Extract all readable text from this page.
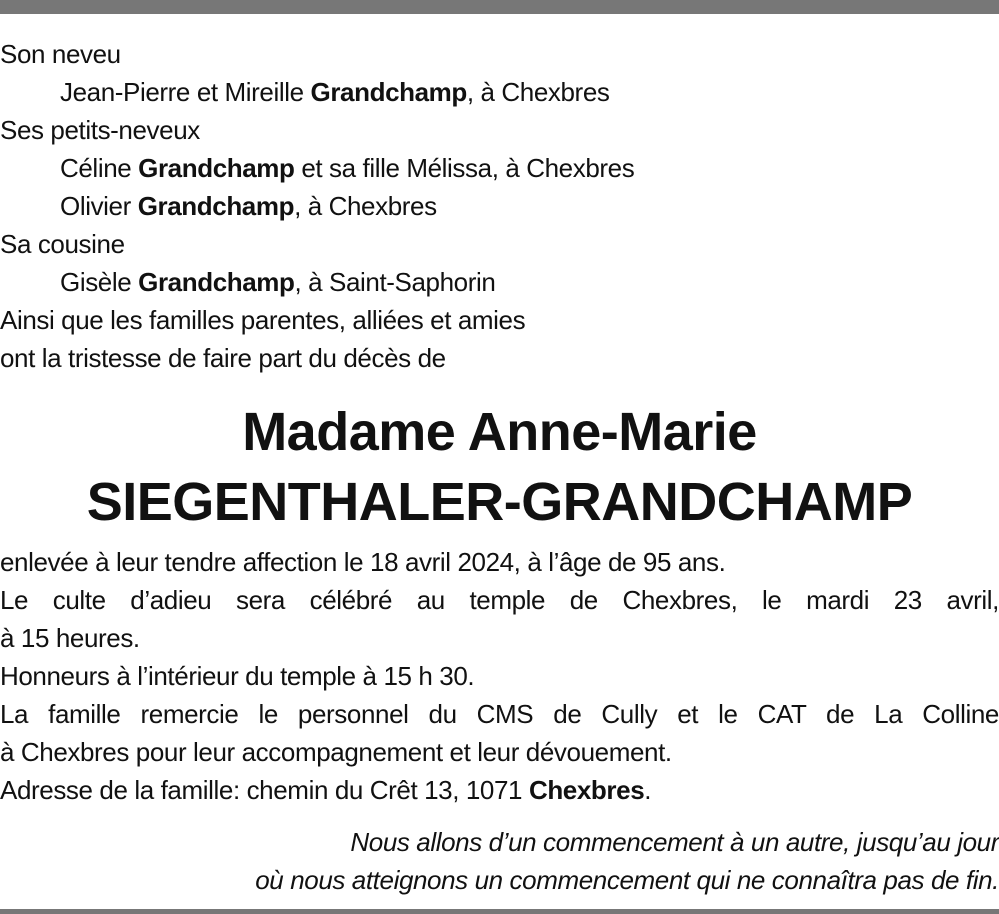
Son neveu
Jean-Pierre et Mireille Grandchamp, à Chexbres
Ses petits-neveux
Céline Grandchamp et sa fille Mélissa, à Chexbres
Olivier Grandchamp, à Chexbres
Sa cousine
Gisèle Grandchamp, à Saint-Saphorin
Ainsi que les familles parentes, alliées et amies
ont la tristesse de faire part du décès de
Madame Anne-Marie
SIEGENTHALER-GRANDCHAMP
enlevée à leur tendre affection le 18 avril 2024, à l’âge de 95 ans.
Le culte d’adieu sera célébré au temple de Chexbres, le mardi 23 avril,
à 15 heures.
Honneurs à l’intérieur du temple à 15 h 30.
La famille remercie le personnel du CMS de Cully et le CAT de La Colline
à Chexbres pour leur accompagnement et leur dévouement.
Adresse de la famille: chemin du Crêt 13, 1071 Chexbres.
Nous allons d’un commencement à un autre, jusqu’au jour
où nous atteignons un commencement qui ne connaîtra pas de fin.
